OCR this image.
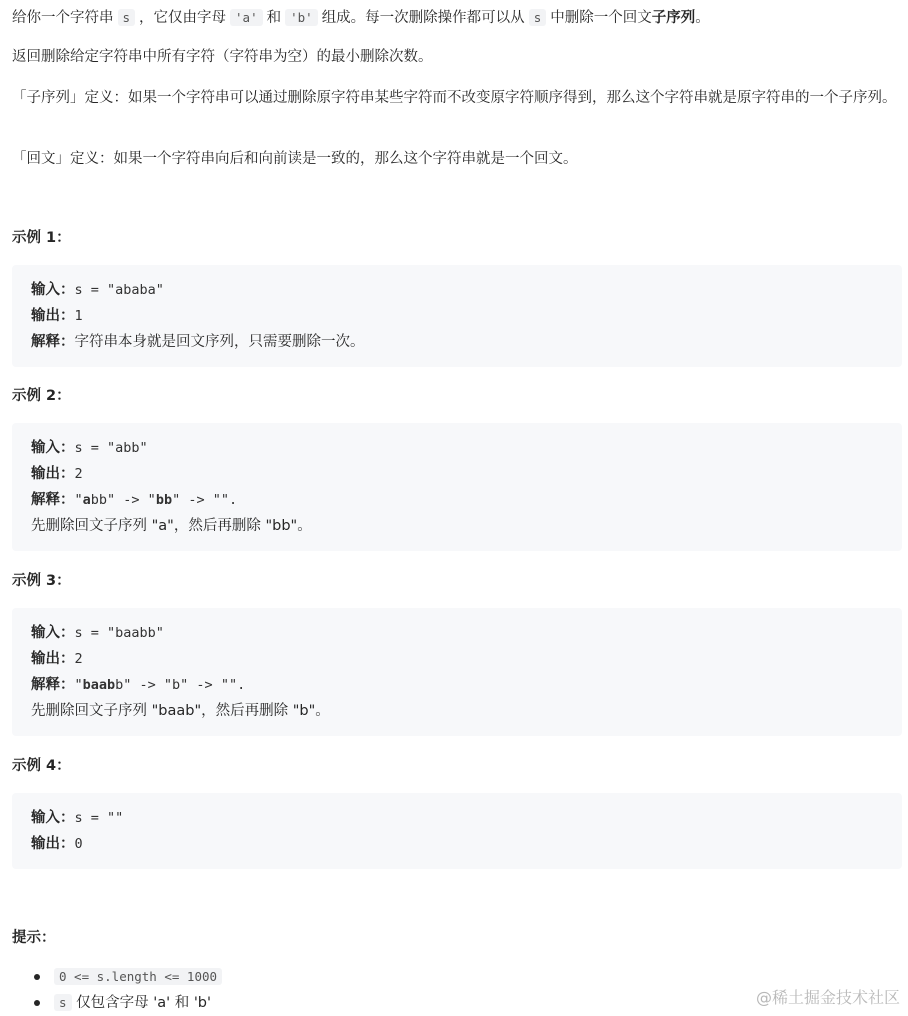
给你一个字符串 s ，它仅由字母 'a' 和 'b' 组成。每一次删除操作都可以从 s 中删除一个回文子序列。

返回删除给定字符串中所有字符（字符串为空）的最小删除次数。

「子序列」定义：如果一个字符串可以通过删除原字符串某些字符而不改变原字符顺序得到，那么这个字符串就是原字符串的一个子序列。

「回文」定义：如果一个字符串向后和向前读是一致的，那么这个字符串就是一个回文。

示例 1：
输入：s = "ababa"
输出：1
解释：字符串本身就是回文序列，只需要删除一次。
示例 2：
输入：s = "abb"
输出：2
解释："abb" -> "bb" -> "".
先删除回文子序列 "a"，然后再删除 "bb"。
示例 3：
输入：s = "baabb"
输出：2
解释："baabb" -> "b" -> "".
先删除回文子序列 "baab"，然后再删除 "b"。
示例 4：
输入：s = ""
输出：0
提示：
0 <= s.length <= 1000
s 仅包含字母 'a' 和 'b'	@稀土掘金技术社区
